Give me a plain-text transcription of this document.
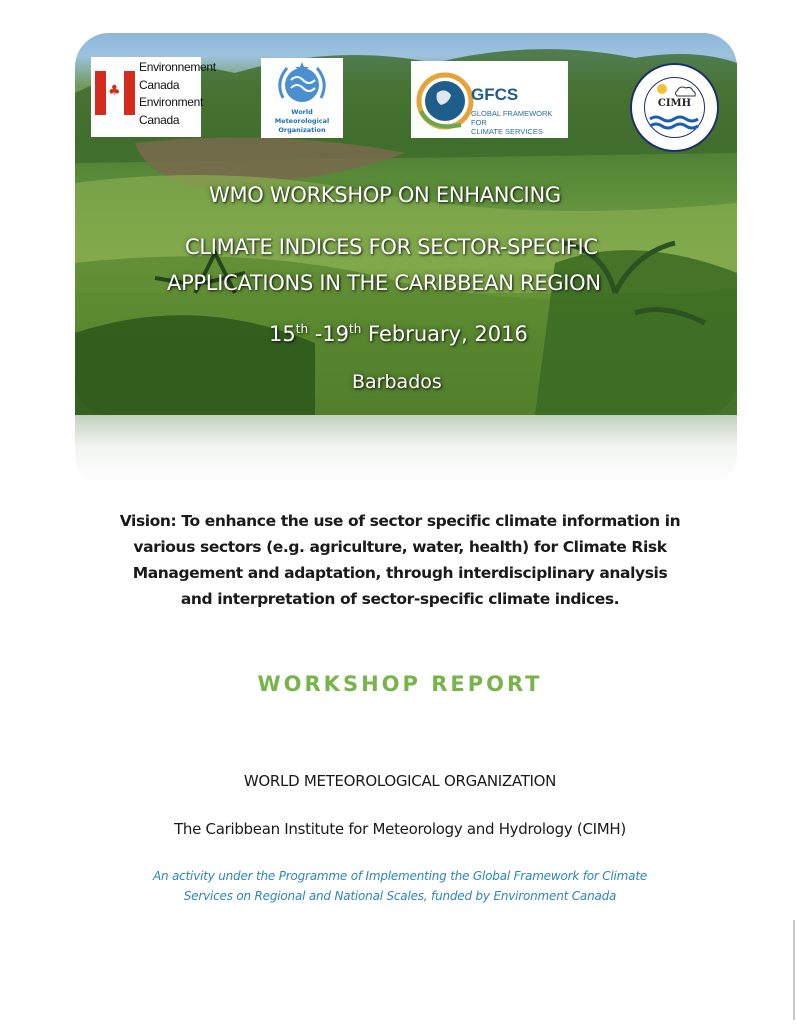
♣
Environnement
Canada
Environment
Canada
World
Meteorological
Organization
GFCS
GLOBAL FRAMEWORK FOR
CLIMATE SERVICES
CIMH
WMO WORKSHOP ON ENHANCING
CLIMATE INDICES FOR SECTOR-SPECIFIC
APPLICATIONS IN THE CARIBBEAN REGION
15th -19th February, 2016
Barbados
Vision: To enhance the use of sector specific climate information in
various sectors (e.g. agriculture, water, health) for Climate Risk
Management and adaptation, through interdisciplinary analysis
and interpretation of sector-specific climate indices.
WORKSHOP REPORT
WORLD METEOROLOGICAL ORGANIZATION
The Caribbean Institute for Meteorology and Hydrology (CIMH)
An activity under the Programme of Implementing the Global Framework for Climate
Services on Regional and National Scales, funded by Environment Canada
